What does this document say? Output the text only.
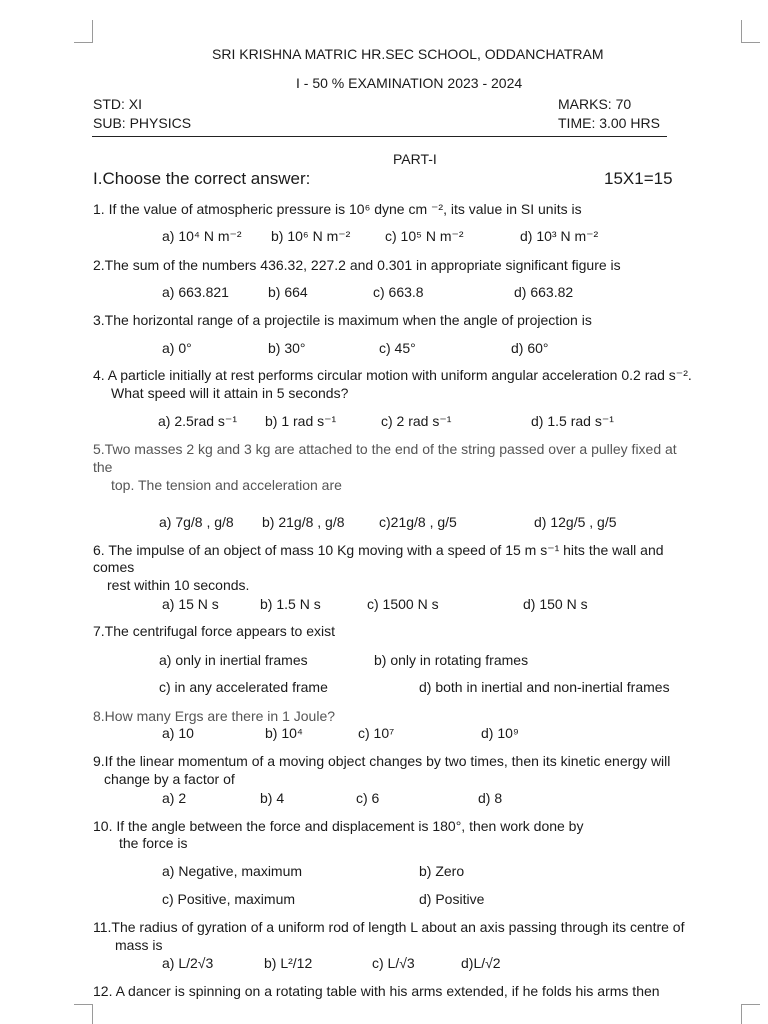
SRI KRISHNA MATRIC HR.SEC SCHOOL, ODDANCHATRAM
I - 50 % EXAMINATION 2023 - 2024
STD: XI
SUB: PHYSICS
MARKS: 70
TIME: 3.00 HRS
PART-I
I.Choose the correct answer:	15X1=15
1. If the value of atmospheric pressure is 10⁶ dyne cm ⁻², its value in SI units is
a) 10⁴ N m⁻² b) 10⁶ N m⁻² c) 10⁵ N m⁻²	d) 10³ N m⁻²
2.The sum of the numbers 436.32, 227.2 and 0.301 in appropriate significant figure is
a) 663.821	b) 664	c) 663.8	d) 663.82
3.The horizontal range of a projectile is maximum when the angle of projection is
a) 0°	b) 30°	c) 45°	d) 60°
4. A particle initially at rest performs circular motion with uniform angular acceleration 0.2 rad s⁻².
What speed will it attain in 5 seconds?
a) 2.5rad s⁻¹ b) 1 rad s⁻¹	c) 2 rad s⁻¹	d) 1.5 rad s⁻¹
5.Two masses 2 kg and 3 kg are attached to the end of the string passed over a pulley fixed at
the
top. The tension and acceleration are
a) 7g/8 , g/8 b) 21g/8 , g/8 c)21g/8 , g/5	d) 12g/5 , g/5
6. The impulse of an object of mass 10 Kg moving with a speed of 15 m s⁻¹ hits the wall and
comes
rest within 10 seconds.
a) 15 N s	b) 1.5 N s	c) 1500 N s	d) 150 N s
7.The centrifugal force appears to exist
a) only in inertial frames	b) only in rotating frames
c) in any accelerated frame	d) both in inertial and non-inertial frames
8.How many Ergs are there in 1 Joule?
a) 10	b) 10⁴	c) 10⁷	d) 10⁹
9.If the linear momentum of a moving object changes by two times, then its kinetic energy will
change by a factor of
a) 2	b) 4	c) 6	d) 8
10. If the angle between the force and displacement is 180°, then work done by
the force is
a) Negative, maximum	b) Zero
c) Positive, maximum	d) Positive
11.The radius of gyration of a uniform rod of length L about an axis passing through its centre of
mass is
a) L/2√3	b) L²/12	c) L/√3	d)L/√2
12. A dancer is spinning on a rotating table with his arms extended, if he folds his arms then
